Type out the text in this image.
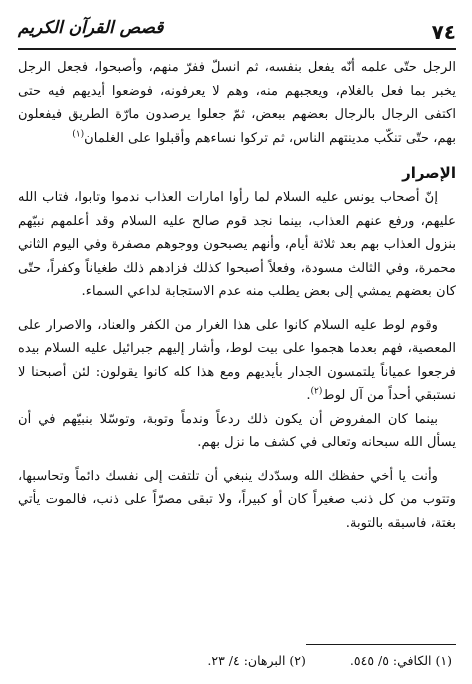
٧٤
قصص القرآن الكريم

الرجل حتّى علمه أنّه يفعل بنفسه، ثم انسلّ ففرّ منهم، وأصبحوا، فجعل الرجل يخبر بما فعل بالغلام، ويعجبهم منه، وهم لا يعرفونه، فوضعوا أيديهم فيه حتى اكتفى الرجال بالرجال بعضهم ببعض، ثمّ جعلوا يرصدون مارّة الطريق فيفعلون بهم، حتّى تنكّب مدينتهم الناس، ثم تركوا نساءهم وأقبلوا على الغلمان$^{(١)}$

الإصرار

إنّ أصحاب يونس عليه السلام لما رأوا امارات العذاب ندموا وتابوا، فتاب الله عليهم، ورفع عنهم العذاب، بينما نجد قوم صالح عليه السلام وقد أعلمهم نبيّهم بنزول العذاب بهم بعد ثلاثة أيام، وأنهم يصبحون ووجوهم مصفرة وفي اليوم الثاني محمرة، وفي الثالث مسودة، وفعلاً أصبحوا كذلك فزادهم ذلك طغياناً وكفراً، حتّى كان بعضهم يمشي إلى بعض يطلب منه عدم الاستجابة لداعي السماء.

وقوم لوط عليه السلام كانوا على هذا الغرار من الكفر والعناد، والاصرار على المعصية، فهم بعدما هجموا على بيت لوط، وأشار إليهم جبرائيل عليه السلام بيده فرجعوا عمياناً يلتمسون الجدار بأيديهم ومع هذا كله كانوا يقولون: لئن أصبحنا لا نستبقي أحداً من آل لوط$^{(٢)}$.

بينما كان المفروض أن يكون ذلك ردعاً وندماً وتوبة، وتوسّلا بنبيّهم في أن يسأل الله سبحانه وتعالى في كشف ما نزل بهم.

وأنت يا أخي حفظك الله وسدّدك ينبغي أن تلتفت إلى نفسك دائماً وتحاسبها، وتتوب من كل ذنب صغيراً كان أو كبيراً، ولا تبقى مصرّاً على ذنب، فالموت يأتي بغتة، فاسبقه بالتوبة.

(١) الكافي: ٥/ ٥٤٥.
(٢) البرهان: ٤/ ٢٣.
